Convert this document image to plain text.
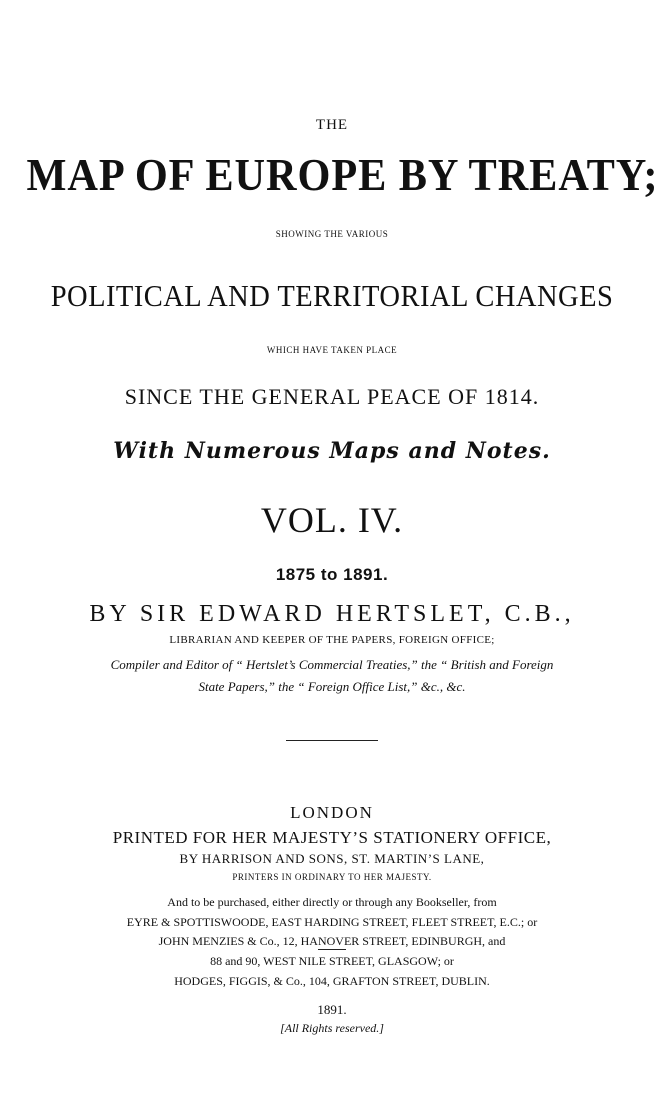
THE
MAP OF EUROPE BY TREATY;
SHOWING THE VARIOUS
POLITICAL AND TERRITORIAL CHANGES
WHICH HAVE TAKEN PLACE
SINCE THE GENERAL PEACE OF 1814.
With Numerous Maps and Notes.
VOL. IV.
1875 to 1891.
BY SIR EDWARD HERTSLET, C.B.,
LIBRARIAN AND KEEPER OF THE PAPERS, FOREIGN OFFICE;
Compiler and Editor of “ Hertslet’s Commercial Treaties,” the “ British and Foreign
State Papers,” the “ Foreign Office List,” &c., &c.
LONDON
PRINTED FOR HER MAJESTY’S STATIONERY OFFICE,
BY HARRISON AND SONS, ST. MARTIN’S LANE,
PRINTERS IN ORDINARY TO HER MAJESTY.
And to be purchased, either directly or through any Bookseller, from
EYRE & SPOTTISWOODE, EAST HARDING STREET, FLEET STREET, E.C.; or
JOHN MENZIES & Co., 12, HANOVER STREET, EDINBURGH, and
88 and 90, WEST NILE STREET, GLASGOW; or
HODGES, FIGGIS, & Co., 104, GRAFTON STREET, DUBLIN.
1891.
[All Rights reserved.]
